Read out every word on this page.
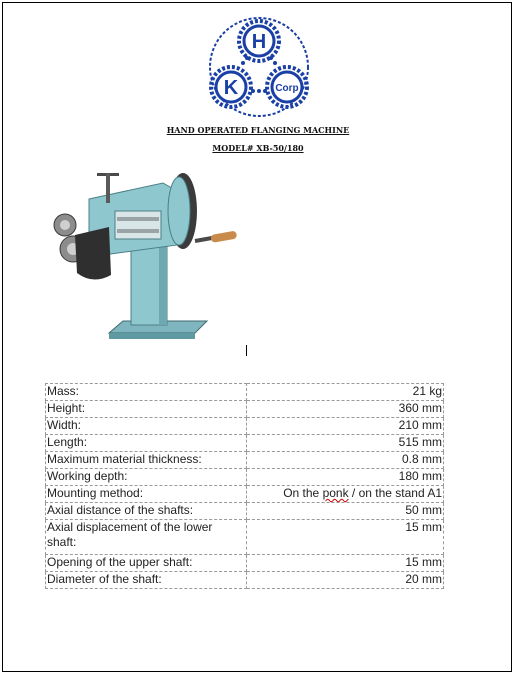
H
K	Corp
HAND OPERATED FLANGING MACHINE
MODEL# XB-50/180
Mass:	21 kg
Height:	360 mm
Width:	210 mm
Length:	515 mm
Maximum material thickness:	0.8 mm
Working depth:	180 mm
Mounting method:	On the ponk / on the stand A1
Axial distance of the shafts:	50 mm
Axial displacement of the lower shaft:	15 mm
Opening of the upper shaft:	15 mm
Diameter of the shaft:	20 mm
